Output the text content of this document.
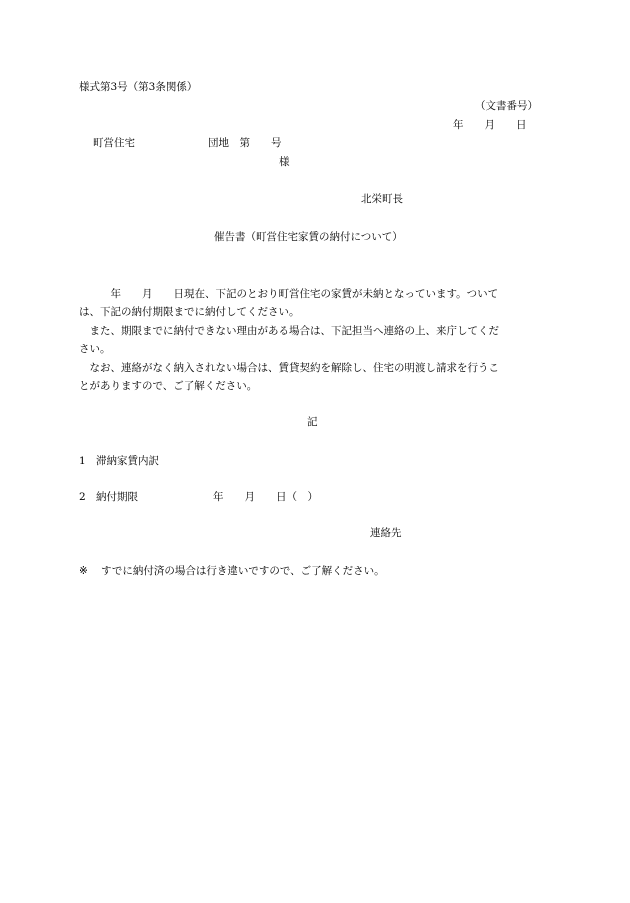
様式第3号（第3条関係）
（文書番号）
年　　月　　日
町営住宅	団地　第　　号
様
北栄町長
催告書（町営住宅家賃の納付について）
　　　年　　月　　日現在、下記のとおり町営住宅の家賃が未納となっています。ついて
は、下記の納付期限までに納付してください。
　また、期限までに納付できない理由がある場合は、下記担当へ連絡の上、来庁してくだ
さい。
　なお、連絡がなく納入されない場合は、賃貸契約を解除し、住宅の明渡し請求を行うこ
とがありますので、ご了解ください。
記
1 滞納家賃内訳
2 納付期限	年　　月　　日（　）
連絡先
※ すでに納付済の場合は行き違いですので、ご了解ください。
